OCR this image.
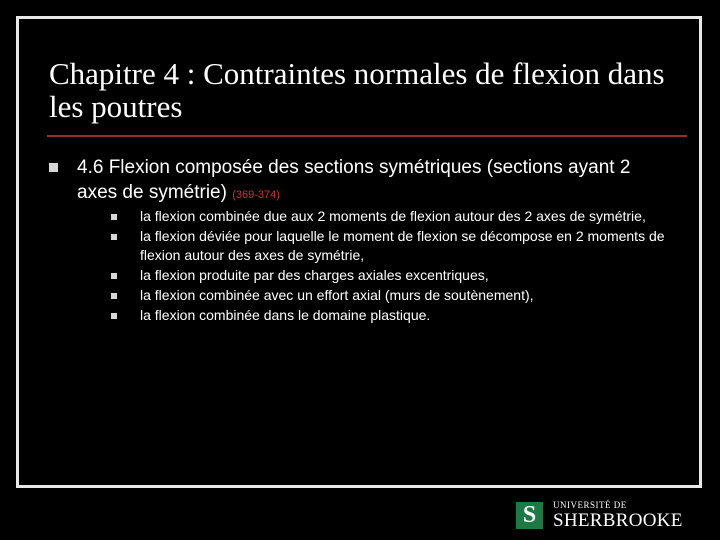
Chapitre 4 : Contraintes normales de flexion dans les poutres
4.6 Flexion composée des sections symétriques (sections ayant 2 axes de symétrie) (369-374)
la flexion combinée due aux 2 moments de flexion autour des 2 axes de symétrie,
la flexion déviée pour laquelle le moment de flexion se décompose en 2 moments de flexion autour des axes de symétrie,
la flexion produite par des charges axiales excentriques,
la flexion combinée avec un effort axial (murs de soutènement),
la flexion combinée dans le domaine plastique.
S	UNIVERSITÉ DE
SHERBROOKE
